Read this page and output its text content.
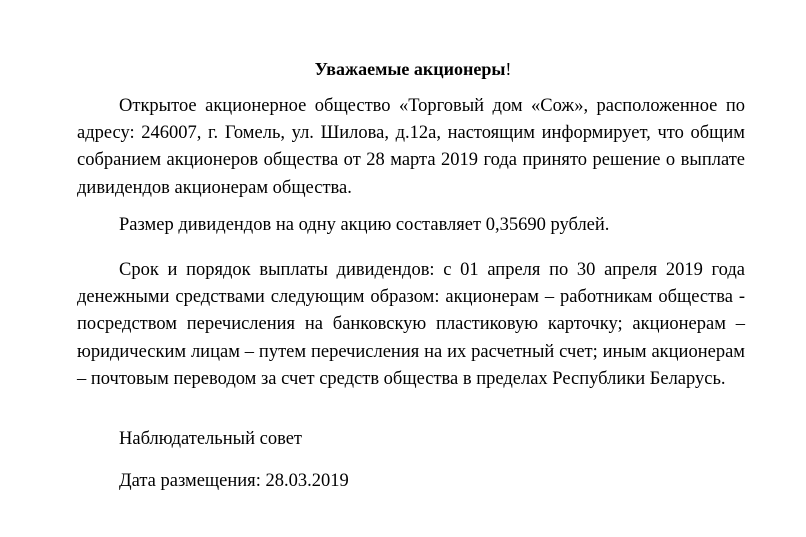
Уважаемые акционеры!

Открытое акционерное общество «Торговый дом «Сож», расположенное по адресу: 246007, г. Гомель, ул. Шилова, д.12а, настоящим информирует, что общим собранием акционеров общества от 28 марта 2019 года принято решение о выплате дивидендов акционерам общества.

Размер дивидендов на одну акцию составляет 0,35690 рублей.

Срок и порядок выплаты дивидендов: с 01 апреля по 30 апреля 2019 года денежными средствами следующим образом: акционерам – работникам общества - посредством перечисления на банковскую пластиковую карточку; акционерам – юридическим лицам – путем перечисления на их расчетный счет; иным акционерам – почтовым переводом за счет средств общества в пределах Республики Беларусь.

Наблюдательный совет

Дата размещения: 28.03.2019
